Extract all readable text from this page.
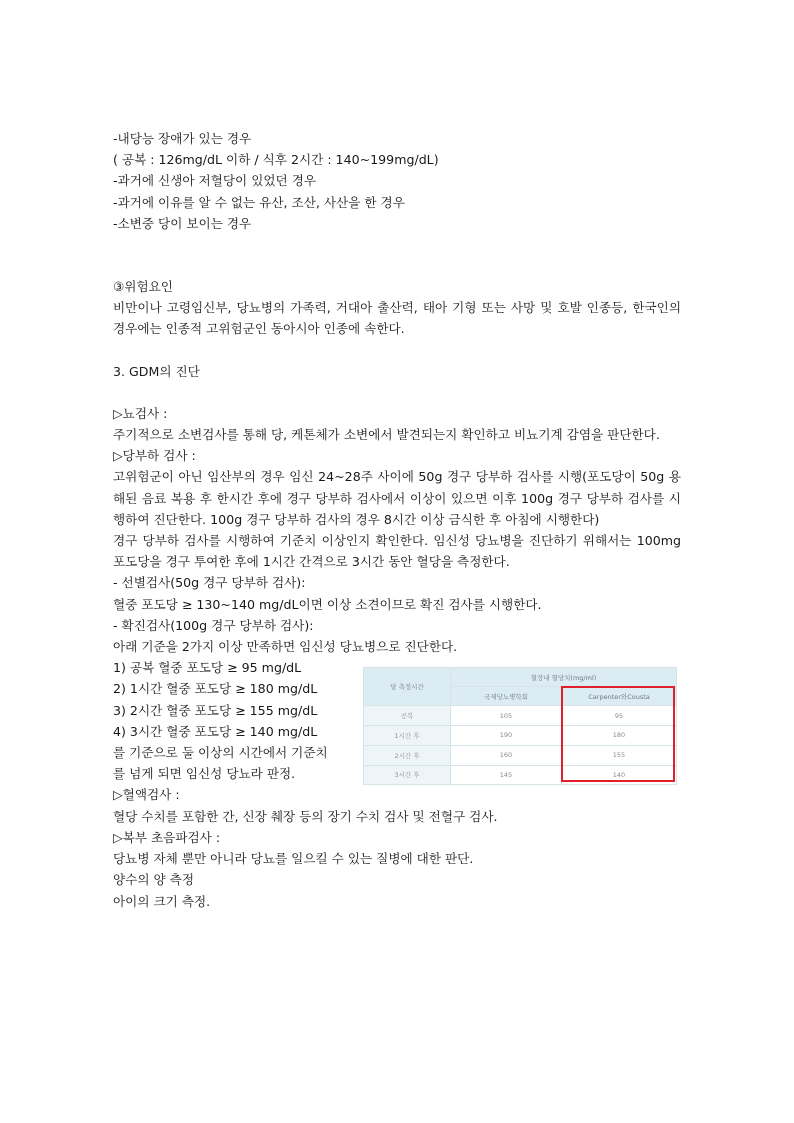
-내당능 장애가 있는 경우
( 공복 : 126mg/dL 이하 / 식후 2시간 : 140~199mg/dL)
-과거에 신생아 저혈당이 있었던 경우
-과거에 이유를 알 수 없는 유산, 조산, 사산을 한 경우
-소변중 당이 보이는 경우
③위험요인
비만이나 고령임신부, 당뇨병의 가족력, 거대아 출산력, 태아 기형 또는 사망 및 호발 인종등, 한국인의 경우에는 인종적 고위험군인 동아시아 인종에 속한다.
3. GDM의 진단
▷뇨검사 :
주기적으로 소변검사를 통해 당, 케톤체가 소변에서 발견되는지 확인하고 비뇨기계 감염을 판단한다.
▷당부하 검사 :
고위험군이 아닌 임산부의 경우 임신 24~28주 사이에 50g 경구 당부하 검사를 시행(포도당이 50g 용해된 음료 복용 후 한시간 후에 경구 당부하 검사에서 이상이 있으면 이후 100g 경구 당부하 검사를 시행하여 진단한다. 100g 경구 당부하 검사의 경우 8시간 이상 금식한 후 아침에 시행한다)
경구 당부하 검사를 시행하여 기준치 이상인지 확인한다. 임신성 당뇨병을 진단하기 위해서는 100mg 포도당을 경구 투여한 후에 1시간 간격으로 3시간 동안 혈당을 측정한다.
- 선별검사(50g 경구 당부하 검사):
혈중 포도당 ≥ 130~140 mg/dL이면 이상 소견이므로 확진 검사를 시행한다.
- 확진검사(100g 경구 당부하 검사):
아래 기준을 2가지 이상 만족하면 임신성 당뇨병으로 진단한다.
1) 공복 혈중 포도당 ≥ 95 mg/dL
2) 1시간 혈중 포도당 ≥ 180 mg/dL
3) 2시간 혈중 포도당 ≥ 155 mg/dL
4) 3시간 혈중 포도당 ≥ 140 mg/dL
를 기준으로 둘 이상의 시간에서 기준치
를 넘게 되면 임신성 당뇨라 판정.
당 측정시간	혈장내 혈당치(mg/ml)	
	국제당뇨병학회	Carpenter와Cousta
공복	105	95
1시간 후	190	180
2시간 후	160	155
3시간 후	145	140
▷혈액검사 :
혈당 수치를 포함한 간, 신장 췌장 등의 장기 수치 검사 및 전혈구 검사.
▷복부 초음파검사 :
당뇨병 자체 뿐만 아니라 당뇨를 일으킬 수 있는 질병에 대한 판단.
양수의 양 측정
아이의 크기 측정.
